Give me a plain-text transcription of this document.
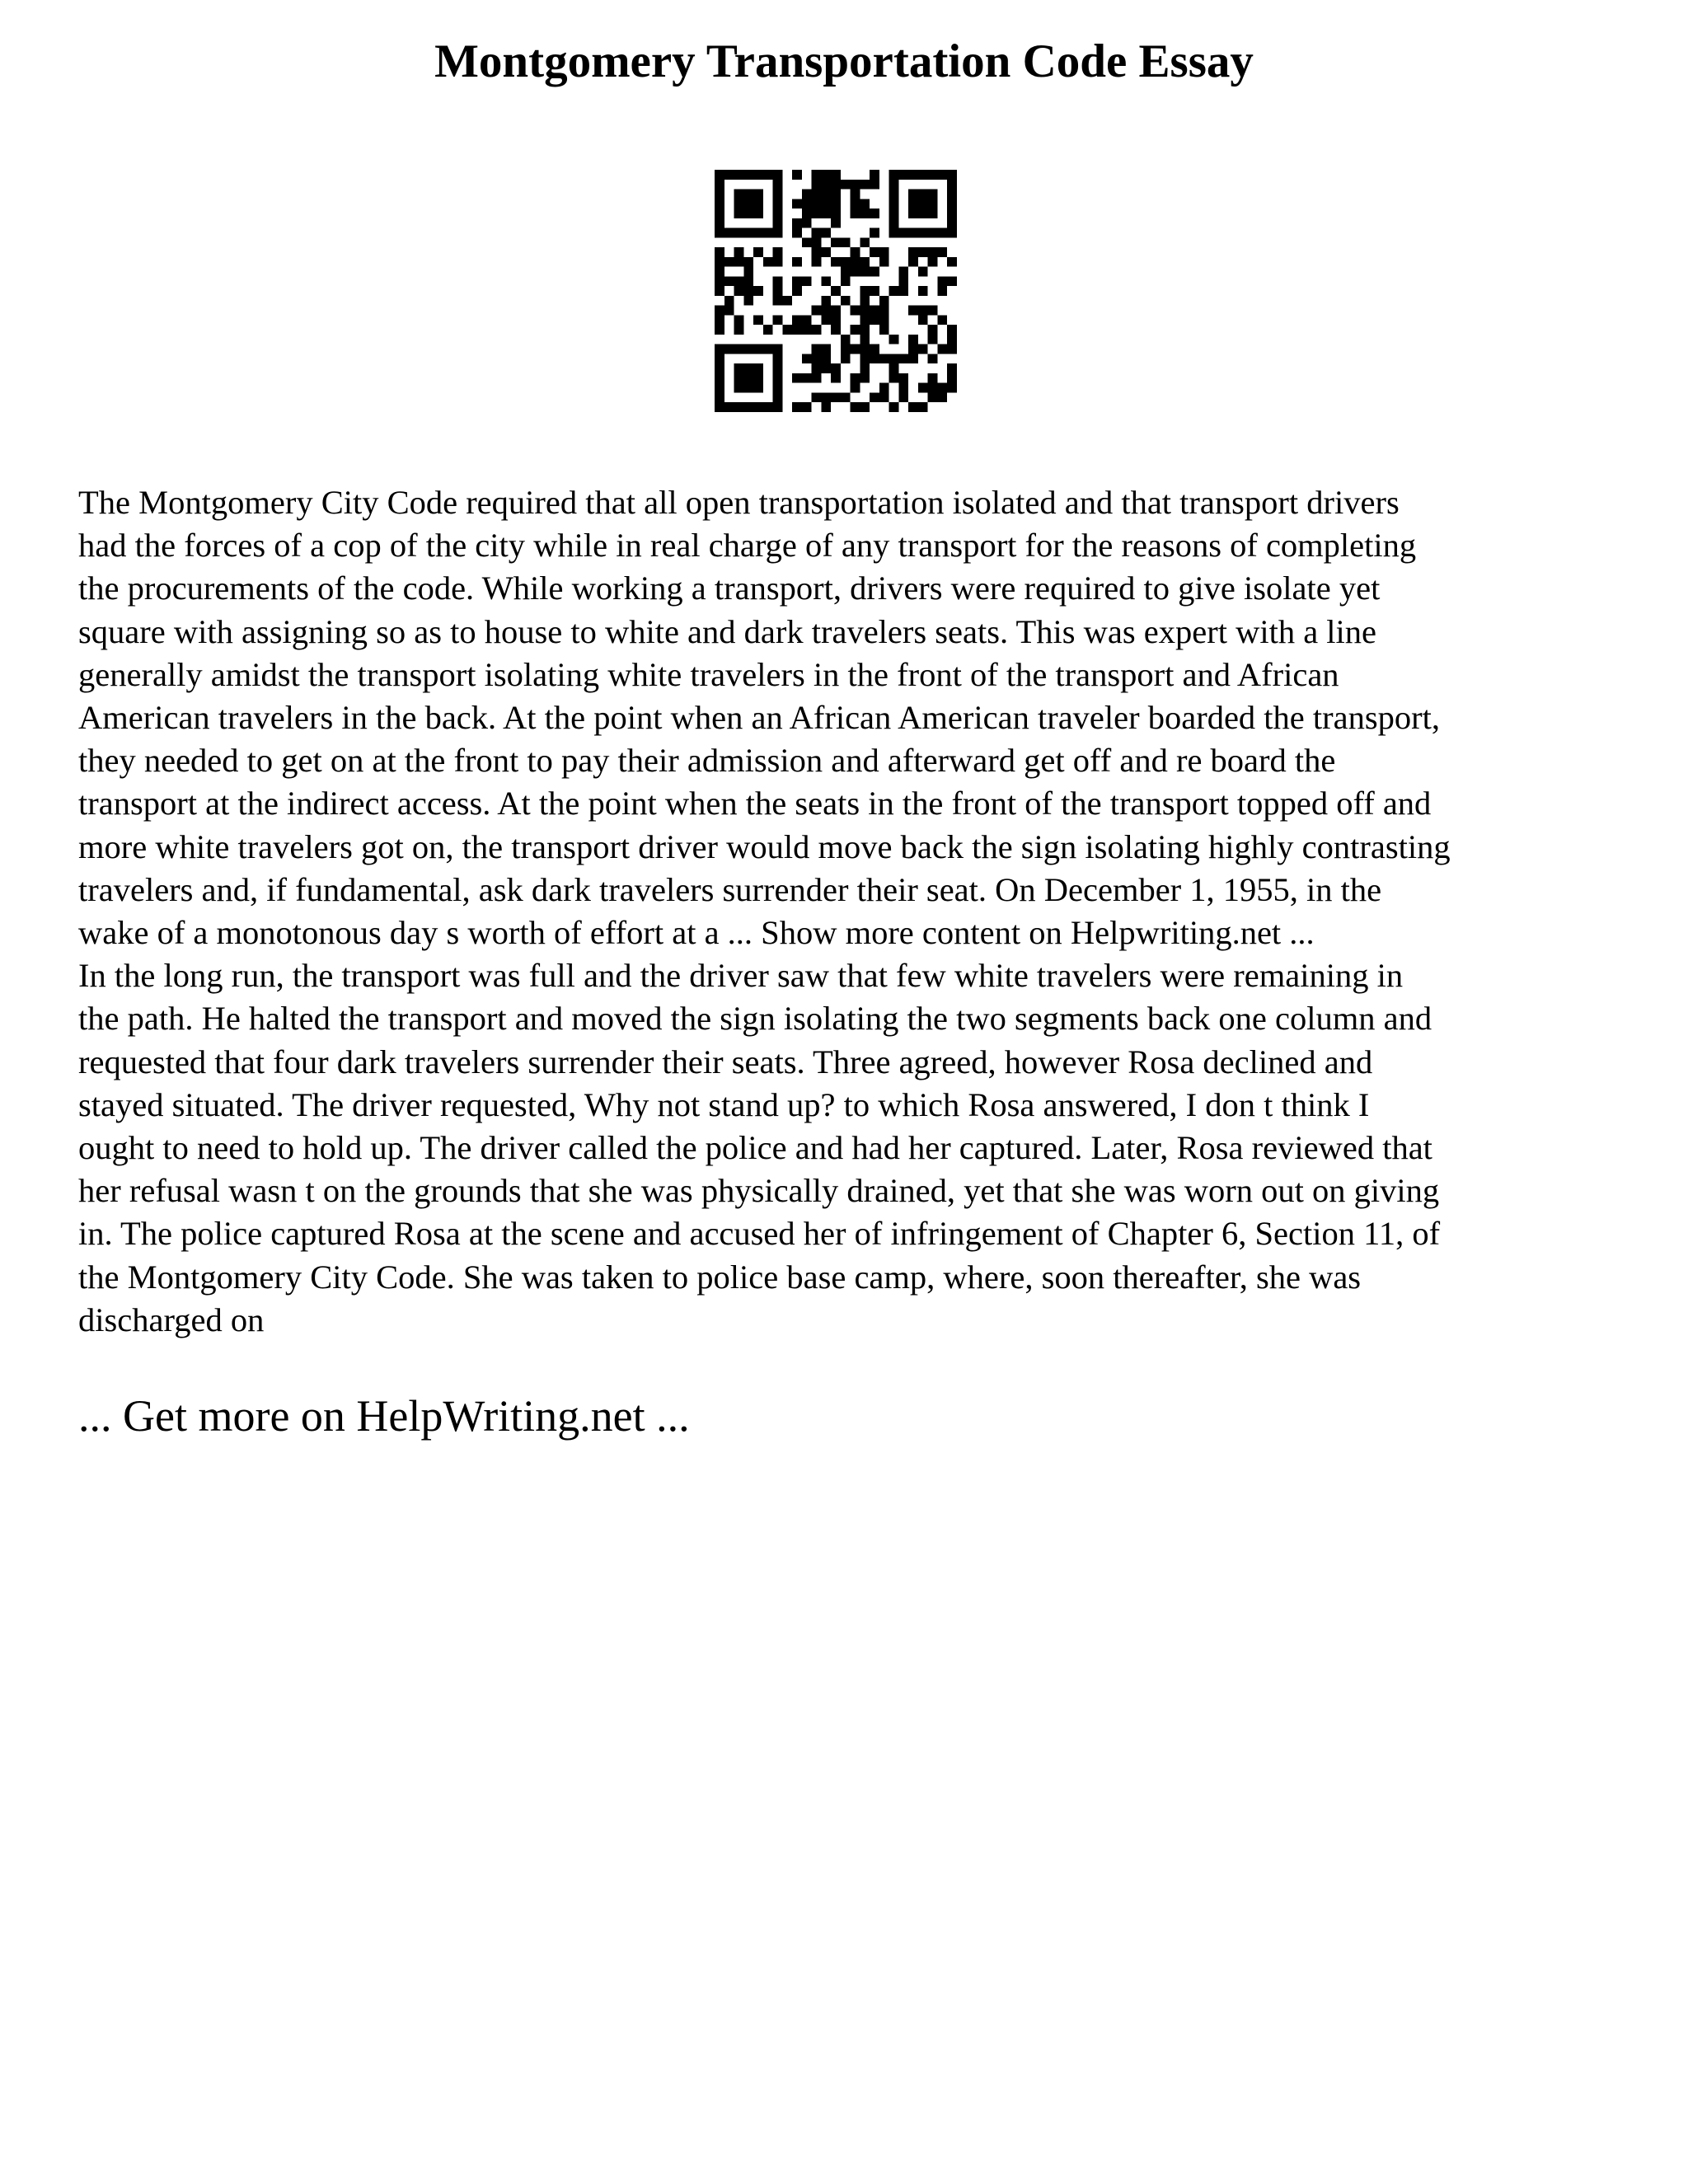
Montgomery Transportation Code Essay
The Montgomery City Code required that all open transportation isolated and that transport drivers
had the forces of a cop of the city while in real charge of any transport for the reasons of completing
the procurements of the code. While working a transport, drivers were required to give isolate yet
square with assigning so as to house to white and dark travelers seats. This was expert with a line
generally amidst the transport isolating white travelers in the front of the transport and African
American travelers in the back. At the point when an African American traveler boarded the transport,
they needed to get on at the front to pay their admission and afterward get off and re board the
transport at the indirect access. At the point when the seats in the front of the transport topped off and
more white travelers got on, the transport driver would move back the sign isolating highly contrasting
travelers and, if fundamental, ask dark travelers surrender their seat. On December 1, 1955, in the
wake of a monotonous day s worth of effort at a ... Show more content on Helpwriting.net ...
In the long run, the transport was full and the driver saw that few white travelers were remaining in
the path. He halted the transport and moved the sign isolating the two segments back one column and
requested that four dark travelers surrender their seats. Three agreed, however Rosa declined and
stayed situated. The driver requested, Why not stand up? to which Rosa answered, I don t think I
ought to need to hold up. The driver called the police and had her captured. Later, Rosa reviewed that
her refusal wasn t on the grounds that she was physically drained, yet that she was worn out on giving
in. The police captured Rosa at the scene and accused her of infringement of Chapter 6, Section 11, of
the Montgomery City Code. She was taken to police base camp, where, soon thereafter, she was
discharged on
... Get more on HelpWriting.net ...
